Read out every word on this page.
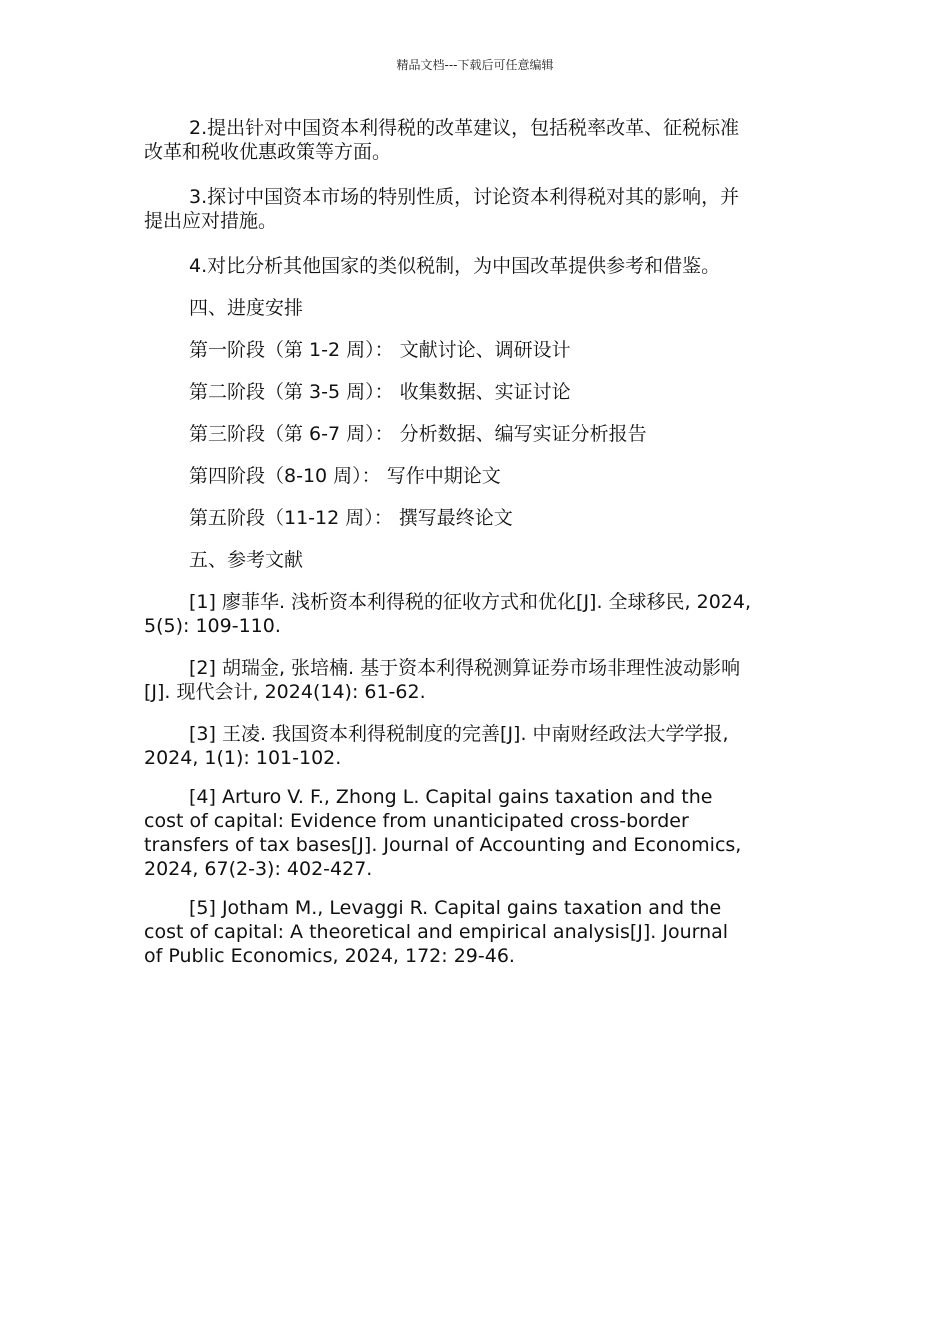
精品文档---下载后可任意编辑

2.提出针对中国资本利得税的改革建议，包括税率改革、征税标准
改革和税收优惠政策等方面。

3.探讨中国资本市场的特别性质，讨论资本利得税对其的影响，并
提出应对措施。

4.对比分析其他国家的类似税制，为中国改革提供参考和借鉴。

四、进度安排

第一阶段（第 1-2 周）： 文献讨论、调研设计

第二阶段（第 3-5 周）： 收集数据、实证讨论

第三阶段（第 6-7 周）： 分析数据、编写实证分析报告

第四阶段（8-10 周）： 写作中期论文

第五阶段（11-12 周）： 撰写最终论文

五、参考文献

[1] 廖菲华. 浅析资本利得税的征收方式和优化[J]. 全球移民, 2024,
5(5): 109-110.

[2] 胡瑞金, 张培楠. 基于资本利得税测算证券市场非理性波动影响
[J]. 现代会计, 2024(14): 61-62.

[3] 王凌. 我国资本利得税制度的完善[J]. 中南财经政法大学学报,
2024, 1(1): 101-102.

[4] Arturo V. F., Zhong L. Capital gains taxation and the
cost of capital: Evidence from unanticipated cross-border
transfers of tax bases[J]. Journal of Accounting and Economics,
2024, 67(2-3): 402-427.

[5] Jotham M., Levaggi R. Capital gains taxation and the
cost of capital: A theoretical and empirical analysis[J]. Journal
of Public Economics, 2024, 172: 29-46.
